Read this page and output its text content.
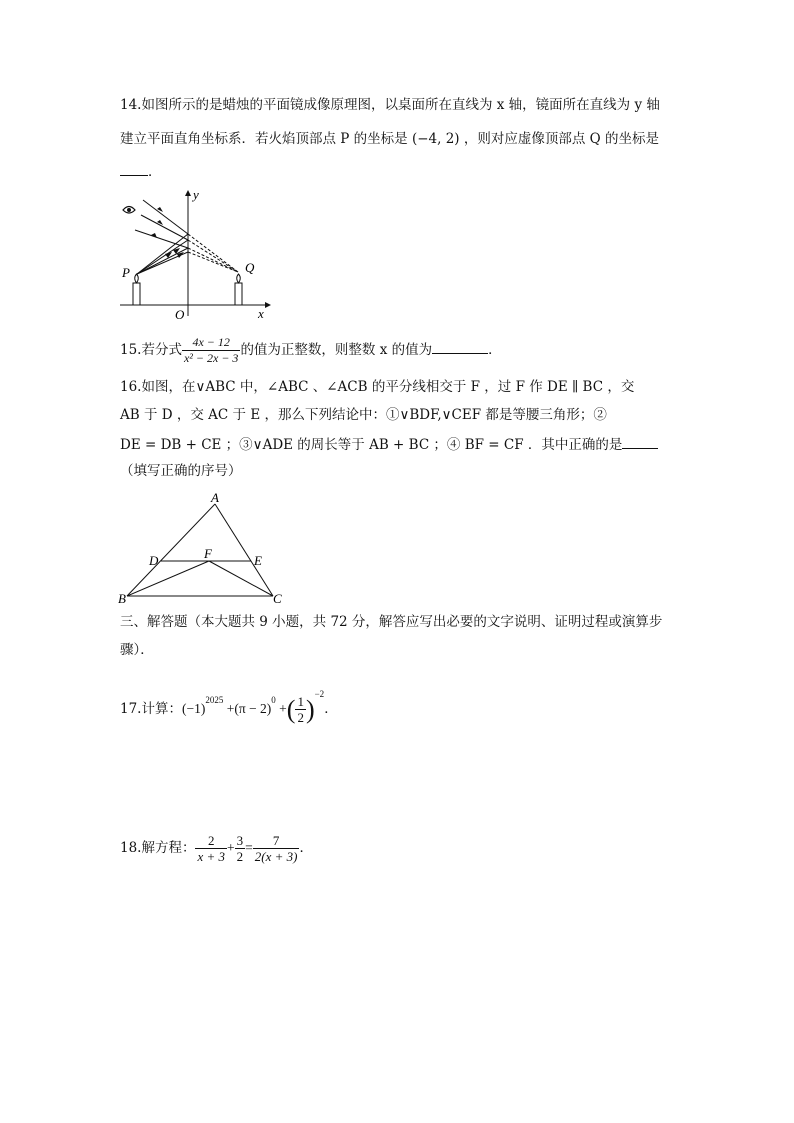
14.如图所示的是蜡烛的平面镜成像原理图，以桌面所在直线为 x 轴，镜面所在直线为 y 轴
建立平面直角坐标系．若火焰顶部点 P 的坐标是 (−4, 2) ，则对应虚像顶部点 Q 的坐标是
．
y
x
O
P	Q
15.若分式 $\frac{4x - 12}{\text{x² − 2x − 3}}$ 的值为正整数，则整数 x 的值为	．
16.如图，在∨ABC 中，∠ABC 、∠ACB 的平分线相交于 F ，过 F 作 DE ∥ BC ，交
AB 于 D ，交 AC 于 E ，那么下列结论中：①∨BDF,∨CEF 都是等腰三角形；②
DE = DB + CE ；③∨ADE 的周长等于 AB + BC ；④ BF = CF ．其中正确的是
（填写正确的序号）
A
B	C
D	E
F
三、解答题（本大题共 9 小题，共 72 分，解答应写出必要的文字说明、证明过程或演算步
骤）．
17.计算：$(-1)^{2025} +(\pi - 2)^0$ +( $\frac{1}{2} )^{-2}$．
18.解方程： $\frac{2}{x + 3} + \frac{3}{2} = \frac{7}{2(x + 3)}$ ．
